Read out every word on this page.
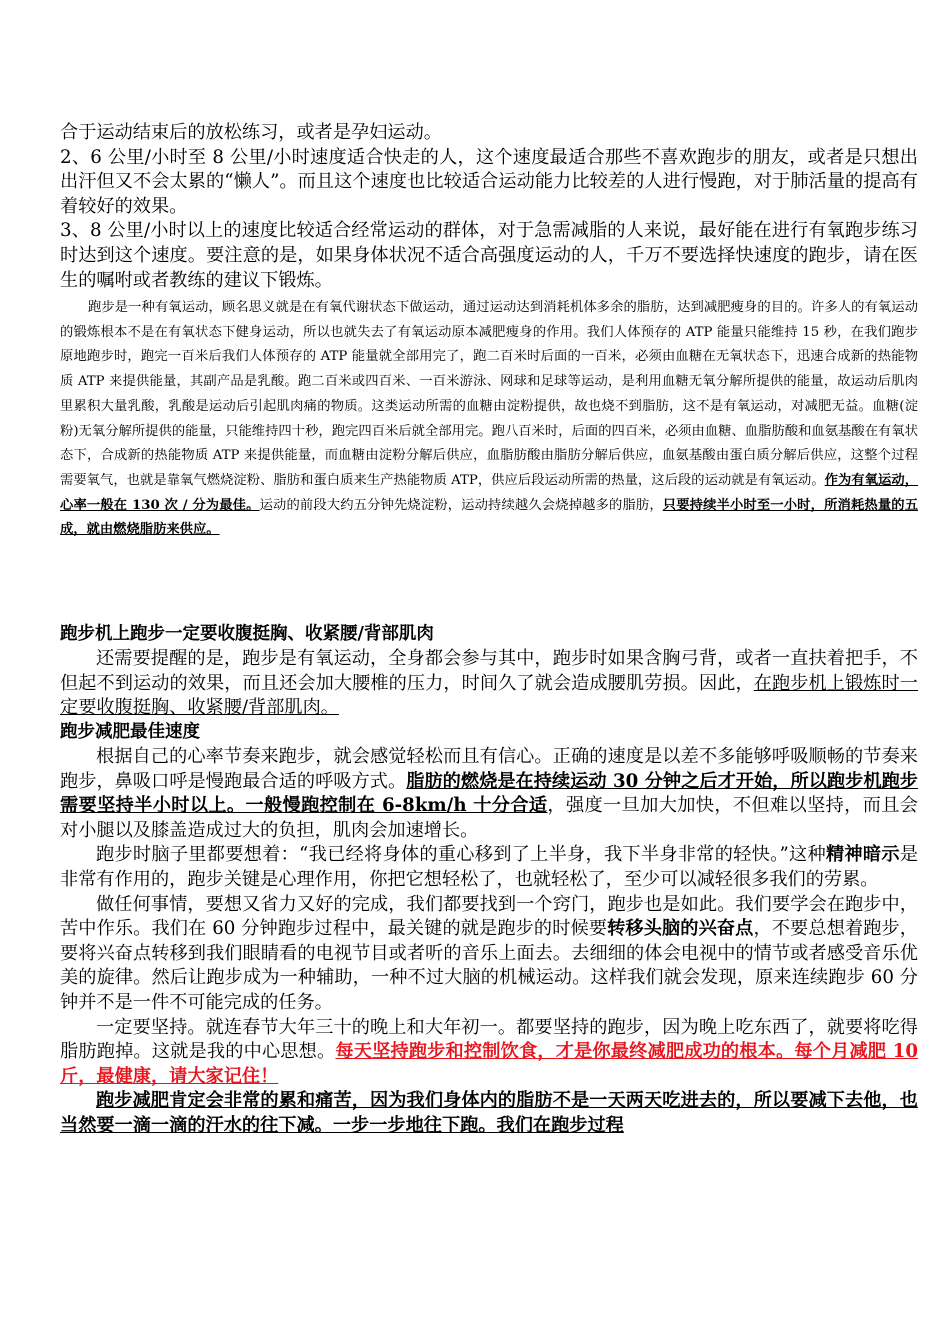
合于运动结束后的放松练习，或者是孕妇运动。

2、6 公里/小时至 8 公里/小时速度适合快走的人，这个速度最适合那些不喜欢跑步的朋友，或者是只想出出汗但又不会太累的“懒人”。而且这个速度也比较适合运动能力比较差的人进行慢跑，对于肺活量的提高有着较好的效果。

3、8 公里/小时以上的速度比较适合经常运动的群体，对于急需减脂的人来说，最好能在进行有氧跑步练习时达到这个速度。要注意的是，如果身体状况不适合高强度运动的人，千万不要选择快速度的跑步，请在医生的嘱咐或者教练的建议下锻炼。

跑步是一种有氧运动，顾名思义就是在有氧代谢状态下做运动，通过运动达到消耗机体多余的脂肪，达到减肥瘦身的目的。许多人的有氧运动的锻炼根本不是在有氧状态下健身运动，所以也就失去了有氧运动原本减肥瘦身的作用。我们人体预存的 ATP 能量只能维持 15 秒，在我们跑步原地跑步时，跑完一百米后我们人体预存的 ATP 能量就全部用完了，跑二百米时后面的一百米，必须由血糖在无氧状态下，迅速合成新的热能物质 ATP 来提供能量，其副产品是乳酸。跑二百米或四百米、一百米游泳、网球和足球等运动，是利用血糖无氧分解所提供的能量，故运动后肌肉里累积大量乳酸，乳酸是运动后引起肌肉痛的物质。这类运动所需的血糖由淀粉提供，故也烧不到脂肪，这不是有氧运动，对减肥无益。血糖(淀粉)无氧分解所提供的能量，只能维持四十秒，跑完四百米后就全部用完。跑八百米时，后面的四百米，必须由血糖、血脂肪酸和血氨基酸在有氧状态下，合成新的热能物质 ATP 来提供能量，而血糖由淀粉分解后供应，血脂肪酸由脂肪分解后供应，血氨基酸由蛋白质分解后供应，这整个过程需要氧气，也就是靠氧气燃烧淀粉、脂肪和蛋白质来生产热能物质 ATP，供应后段运动所需的热量，这后段的运动就是有氧运动。作为有氧运动，心率一般在 130 次 / 分为最佳。运动的前段大约五分钟先烧淀粉，运动持续越久会烧掉越多的脂肪，只要持续半小时至一小时，所消耗热量的五成，就由燃烧脂肪来供应。

跑步机上跑步一定要收腹挺胸、收紧腰/背部肌肉

还需要提醒的是，跑步是有氧运动，全身都会参与其中，跑步时如果含胸弓背，或者一直扶着把手，不但起不到运动的效果，而且还会加大腰椎的压力，时间久了就会造成腰肌劳损。因此，在跑步机上锻炼时一定要收腹挺胸、收紧腰/背部肌肉。

跑步减肥最佳速度

根据自己的心率节奏来跑步，就会感觉轻松而且有信心。正确的速度是以差不多能够呼吸顺畅的节奏来跑步，鼻吸口呼是慢跑最合适的呼吸方式。脂肪的燃烧是在持续运动 30 分钟之后才开始，所以跑步机跑步需要坚持半小时以上。一般慢跑控制在 6-8km/h 十分合适，强度一旦加大加快，不但难以坚持，而且会对小腿以及膝盖造成过大的负担，肌肉会加速增长。

跑步时脑子里都要想着：“我已经将身体的重心移到了上半身，我下半身非常的轻快。”这种精神暗示是非常有作用的，跑步关键是心理作用，你把它想轻松了，也就轻松了，至少可以减轻很多我们的劳累。

做任何事情，要想又省力又好的完成，我们都要找到一个窍门，跑步也是如此。我们要学会在跑步中，苦中作乐。我们在 60 分钟跑步过程中，最关键的就是跑步的时候要转移头脑的兴奋点，不要总想着跑步，要将兴奋点转移到我们眼睛看的电视节目或者听的音乐上面去。去细细的体会电视中的情节或者感受音乐优美的旋律。然后让跑步成为一种辅助，一种不过大脑的机械运动。这样我们就会发现，原来连续跑步 60 分钟并不是一件不可能完成的任务。

一定要坚持。就连春节大年三十的晚上和大年初一。都要坚持的跑步，因为晚上吃东西了，就要将吃得脂肪跑掉。这就是我的中心思想。每天坚持跑步和控制饮食，才是你最终减肥成功的根本。每个月减肥 10 斤，最健康，请大家记住！

跑步减肥肯定会非常的累和痛苦，因为我们身体内的脂肪不是一天两天吃进去的，所以要减下去他，也当然要一滴一滴的汗水的往下减。一步一步地往下跑。我们在跑步过程
